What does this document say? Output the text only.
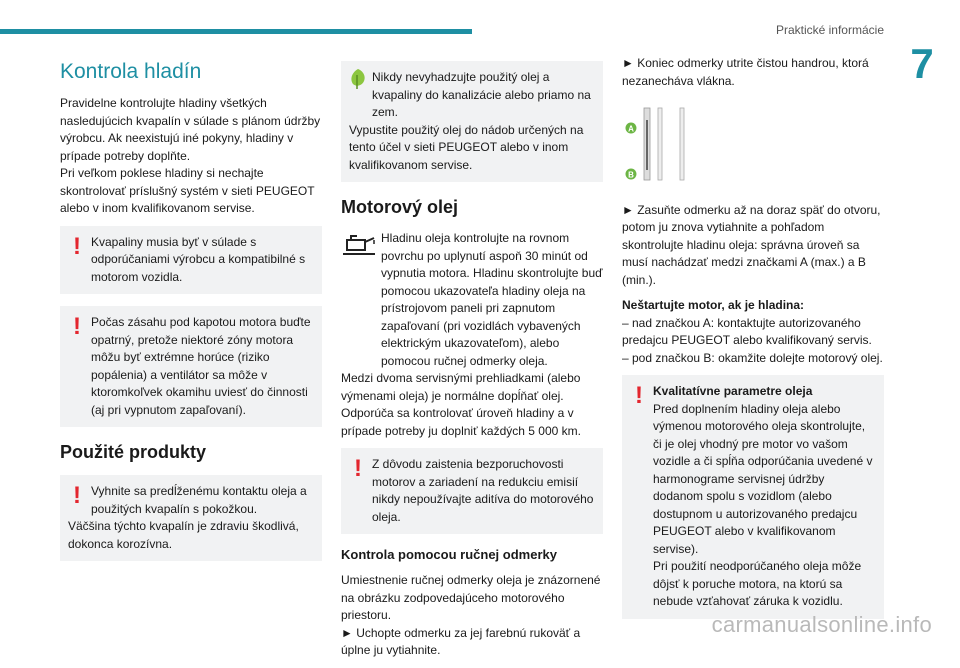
Praktické informácie
7
Kontrola hladín
Pravidelne kontrolujte hladiny všetkých nasledujúcich kvapalín v súlade s plánom údržby výrobcu. Ak neexistujú iné pokyny, hladiny v prípade potreby doplňte.
Pri veľkom poklese hladiny si nechajte skontrolovať príslušný systém v sieti PEUGEOT alebo v inom kvalifikovanom servise.
! Kvapaliny musia byť v súlade s odporúčaniami výrobcu a kompatibilné s motorom vozidla.
! Počas zásahu pod kapotou motora buďte opatrný, pretože niektoré zóny motora môžu byť extrémne horúce (riziko popálenia) a ventilátor sa môže v ktoromkoľvek okamihu uviesť do činnosti (aj pri vypnutom zapaľovaní).
Použité produkty
! Vyhnite sa predĺženému kontaktu oleja a použitých kvapalín s pokožkou.
Väčšina týchto kvapalín je zdraviu škodlivá, dokonca korozívna.
Nikdy nevyhadzujte použitý olej a kvapaliny do kanalizácie alebo priamo na zem.
Vypustite použitý olej do nádob určených na tento účel v sieti PEUGEOT alebo v inom kvalifikovanom servise.
Motorový olej
Hladinu oleja kontrolujte na rovnom povrchu po uplynutí aspoň 30 minút od vypnutia motora. Hladinu skontrolujte buď pomocou ukazovateľa hladiny oleja na prístrojovom paneli pri zapnutom zapaľovaní (pri vozidlách vybavených elektrickým ukazovateľom), alebo pomocou ručnej odmerky oleja.
Medzi dvoma servisnými prehliadkami (alebo výmenami oleja) je normálne dopĺňať olej. Odporúča sa kontrolovať úroveň hladiny a v prípade potreby ju doplniť každých 5 000 km.
! Z dôvodu zaistenia bezporuchovosti motorov a zariadení na redukciu emisií nikdy nepoužívajte aditíva do motorového oleja.
Kontrola pomocou ručnej odmerky
Umiestnenie ručnej odmerky oleja je znázornené na obrázku zodpovedajúceho motorového priestoru.
► Uchopte odmerku za jej farebnú rukoväť a úplne ju vytiahnite.
► Koniec odmerky utrite čistou handrou, ktorá nezanecháva vlákna.
A
B
► Zasuňte odmerku až na doraz späť do otvoru, potom ju znova vytiahnite a pohľadom skontrolujte hladinu oleja: správna úroveň sa musí nachádzať medzi značkami A (max.) a B (min.).
Neštartujte motor, ak je hladina:
– nad značkou A: kontaktujte autorizovaného predajcu PEUGEOT alebo kvalifikovaný servis.
– pod značkou B: okamžite dolejte motorový olej.
! Kvalitatívne parametre oleja
Pred doplnením hladiny oleja alebo výmenou motorového oleja skontrolujte, či je olej vhodný pre motor vo vašom vozidle a či spĺňa odporúčania uvedené v harmonograme servisnej údržby dodanom spolu s vozidlom (alebo dostupnom u autorizovaného predajcu PEUGEOT alebo v kvalifikovanom servise).
Pri použití neodporúčaného oleja môže dôjsť k poruche motora, na ktorú sa nebude vzťahovať záruka k vozidlu.
carmanualsonline.info
